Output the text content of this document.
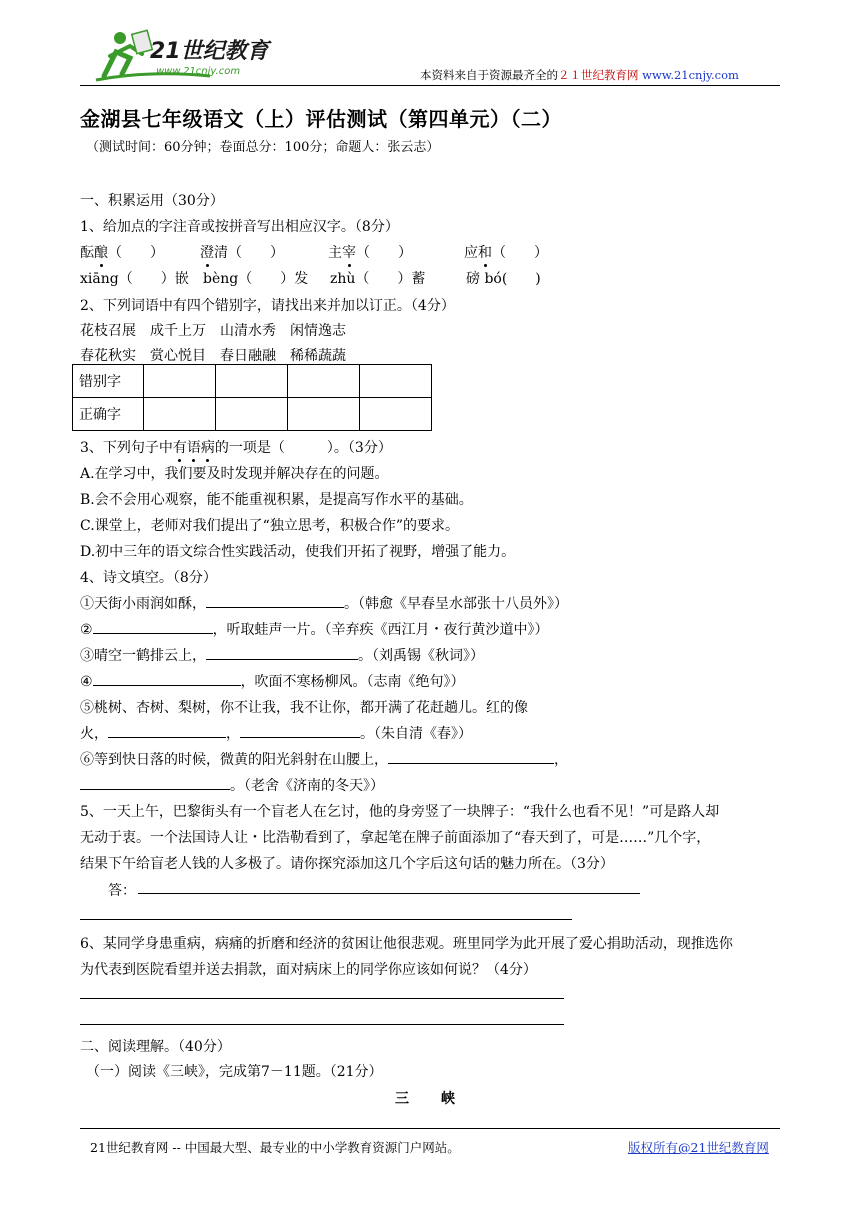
21世纪教育
www.21cnjy.com	本资料来自于资源最齐全的２１世纪教育网 www.21cnjy.com
金湖县七年级语文（上）评估测试（第四单元）（二）
（测试时间：60分钟；卷面总分：100分；命题人：张云志）
一、积累运用（30分）
1、给加点的字注音或按拼音写出相应汉字。（8分）
酝酿（　　）	澄清（　　）	主宰（　　）	应和（　　）
xiāng（　　）嵌 bèng（　　）发 zhù（　　）蓄	磅 bó(　　)
2、下列词语中有四个错别字，请找出来并加以订正。（4分）
花枝召展　成千上万　山清水秀　闲情逸志
春花秋实　赏心悦目　春日融融　稀稀蔬蔬
错别字				
正确字				
3、下列句子中有语病的一项是（　　　）。（3分）
A.在学习中，我们要及时发现并解决存在的问题。
B.会不会用心观察，能不能重视积累，是提高写作水平的基础。
C.课堂上，老师对我们提出了“独立思考，积极合作”的要求。
D.初中三年的语文综合性实践活动，使我们开拓了视野，增强了能力。
4、诗文填空。（8分）
①天街小雨润如酥，	。（韩愈《早春呈水部张十八员外》）
②	，听取蛙声一片。（辛弃疾《西江月・夜行黄沙道中》）
③晴空一鹤排云上，	。（刘禹锡《秋词》）
④	，吹面不寒杨柳风。（志南《绝句》）
⑤桃树、杏树、梨树，你不让我，我不让你，都开满了花赶趟儿。红的像
火，	，	。（朱自清《春》）
⑥等到快日落的时候，微黄的阳光斜射在山腰上，	，
。（老舍《济南的冬天》）
5、一天上午，巴黎街头有一个盲老人在乞讨，他的身旁竖了一块牌子：“我什么也看不见！”可是路人却
无动于衷。一个法国诗人让・比浩勒看到了，拿起笔在牌子前面添加了“春天到了，可是……”几个字，
结果下午给盲老人钱的人多极了。请你探究添加这几个字后这句话的魅力所在。（3分）
答：
6、某同学身患重病，病痛的折磨和经济的贫困让他很悲观。班里同学为此开展了爱心捐助活动，现推选你
为代表到医院看望并送去捐款，面对病床上的同学你应该如何说？（4分）
二、阅读理解。（40分）
（一）阅读《三峡》，完成第7－11题。（21分）
三峡
21世纪教育网 -- 中国最大型、最专业的中小学教育资源门户网站。	版权所有@21世纪教育网
